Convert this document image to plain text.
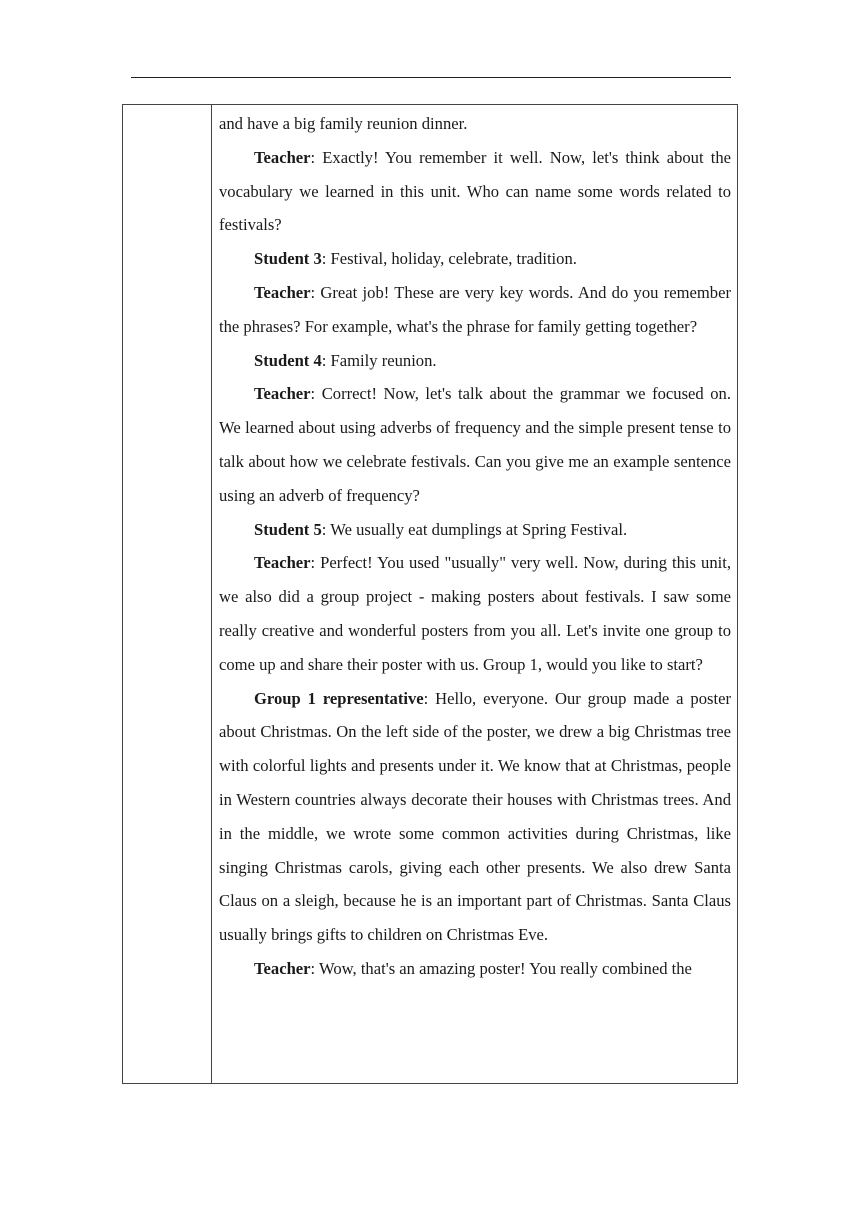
and have a big family reunion dinner.

Teacher: Exactly! You remember it well. Now, let's think about the vocabulary we learned in this unit. Who can name some words related to festivals?

Student 3: Festival, holiday, celebrate, tradition.

Teacher: Great job! These are very key words. And do you remember the phrases? For example, what's the phrase for family getting together?

Student 4: Family reunion.

Teacher: Correct! Now, let's talk about the grammar we focused on. We learned about using adverbs of frequency and the simple present tense to talk about how we celebrate festivals. Can you give me an example sentence using an adverb of frequency?

Student 5: We usually eat dumplings at Spring Festival.

Teacher: Perfect! You used "usually" very well. Now, during this unit, we also did a group project - making posters about festivals. I saw some really creative and wonderful posters from you all. Let's invite one group to come up and share their poster with us. Group 1, would you like to start?

Group 1 representative: Hello, everyone. Our group made a poster about Christmas. On the left side of the poster, we drew a big Christmas tree with colorful lights and presents under it. We know that at Christmas, people in Western countries always decorate their houses with Christmas trees. And in the middle, we wrote some common activities during Christmas, like singing Christmas carols, giving each other presents. We also drew Santa Claus on a sleigh, because he is an important part of Christmas. Santa Claus usually brings gifts to children on Christmas Eve.

Teacher: Wow, that's an amazing poster! You really combined the
